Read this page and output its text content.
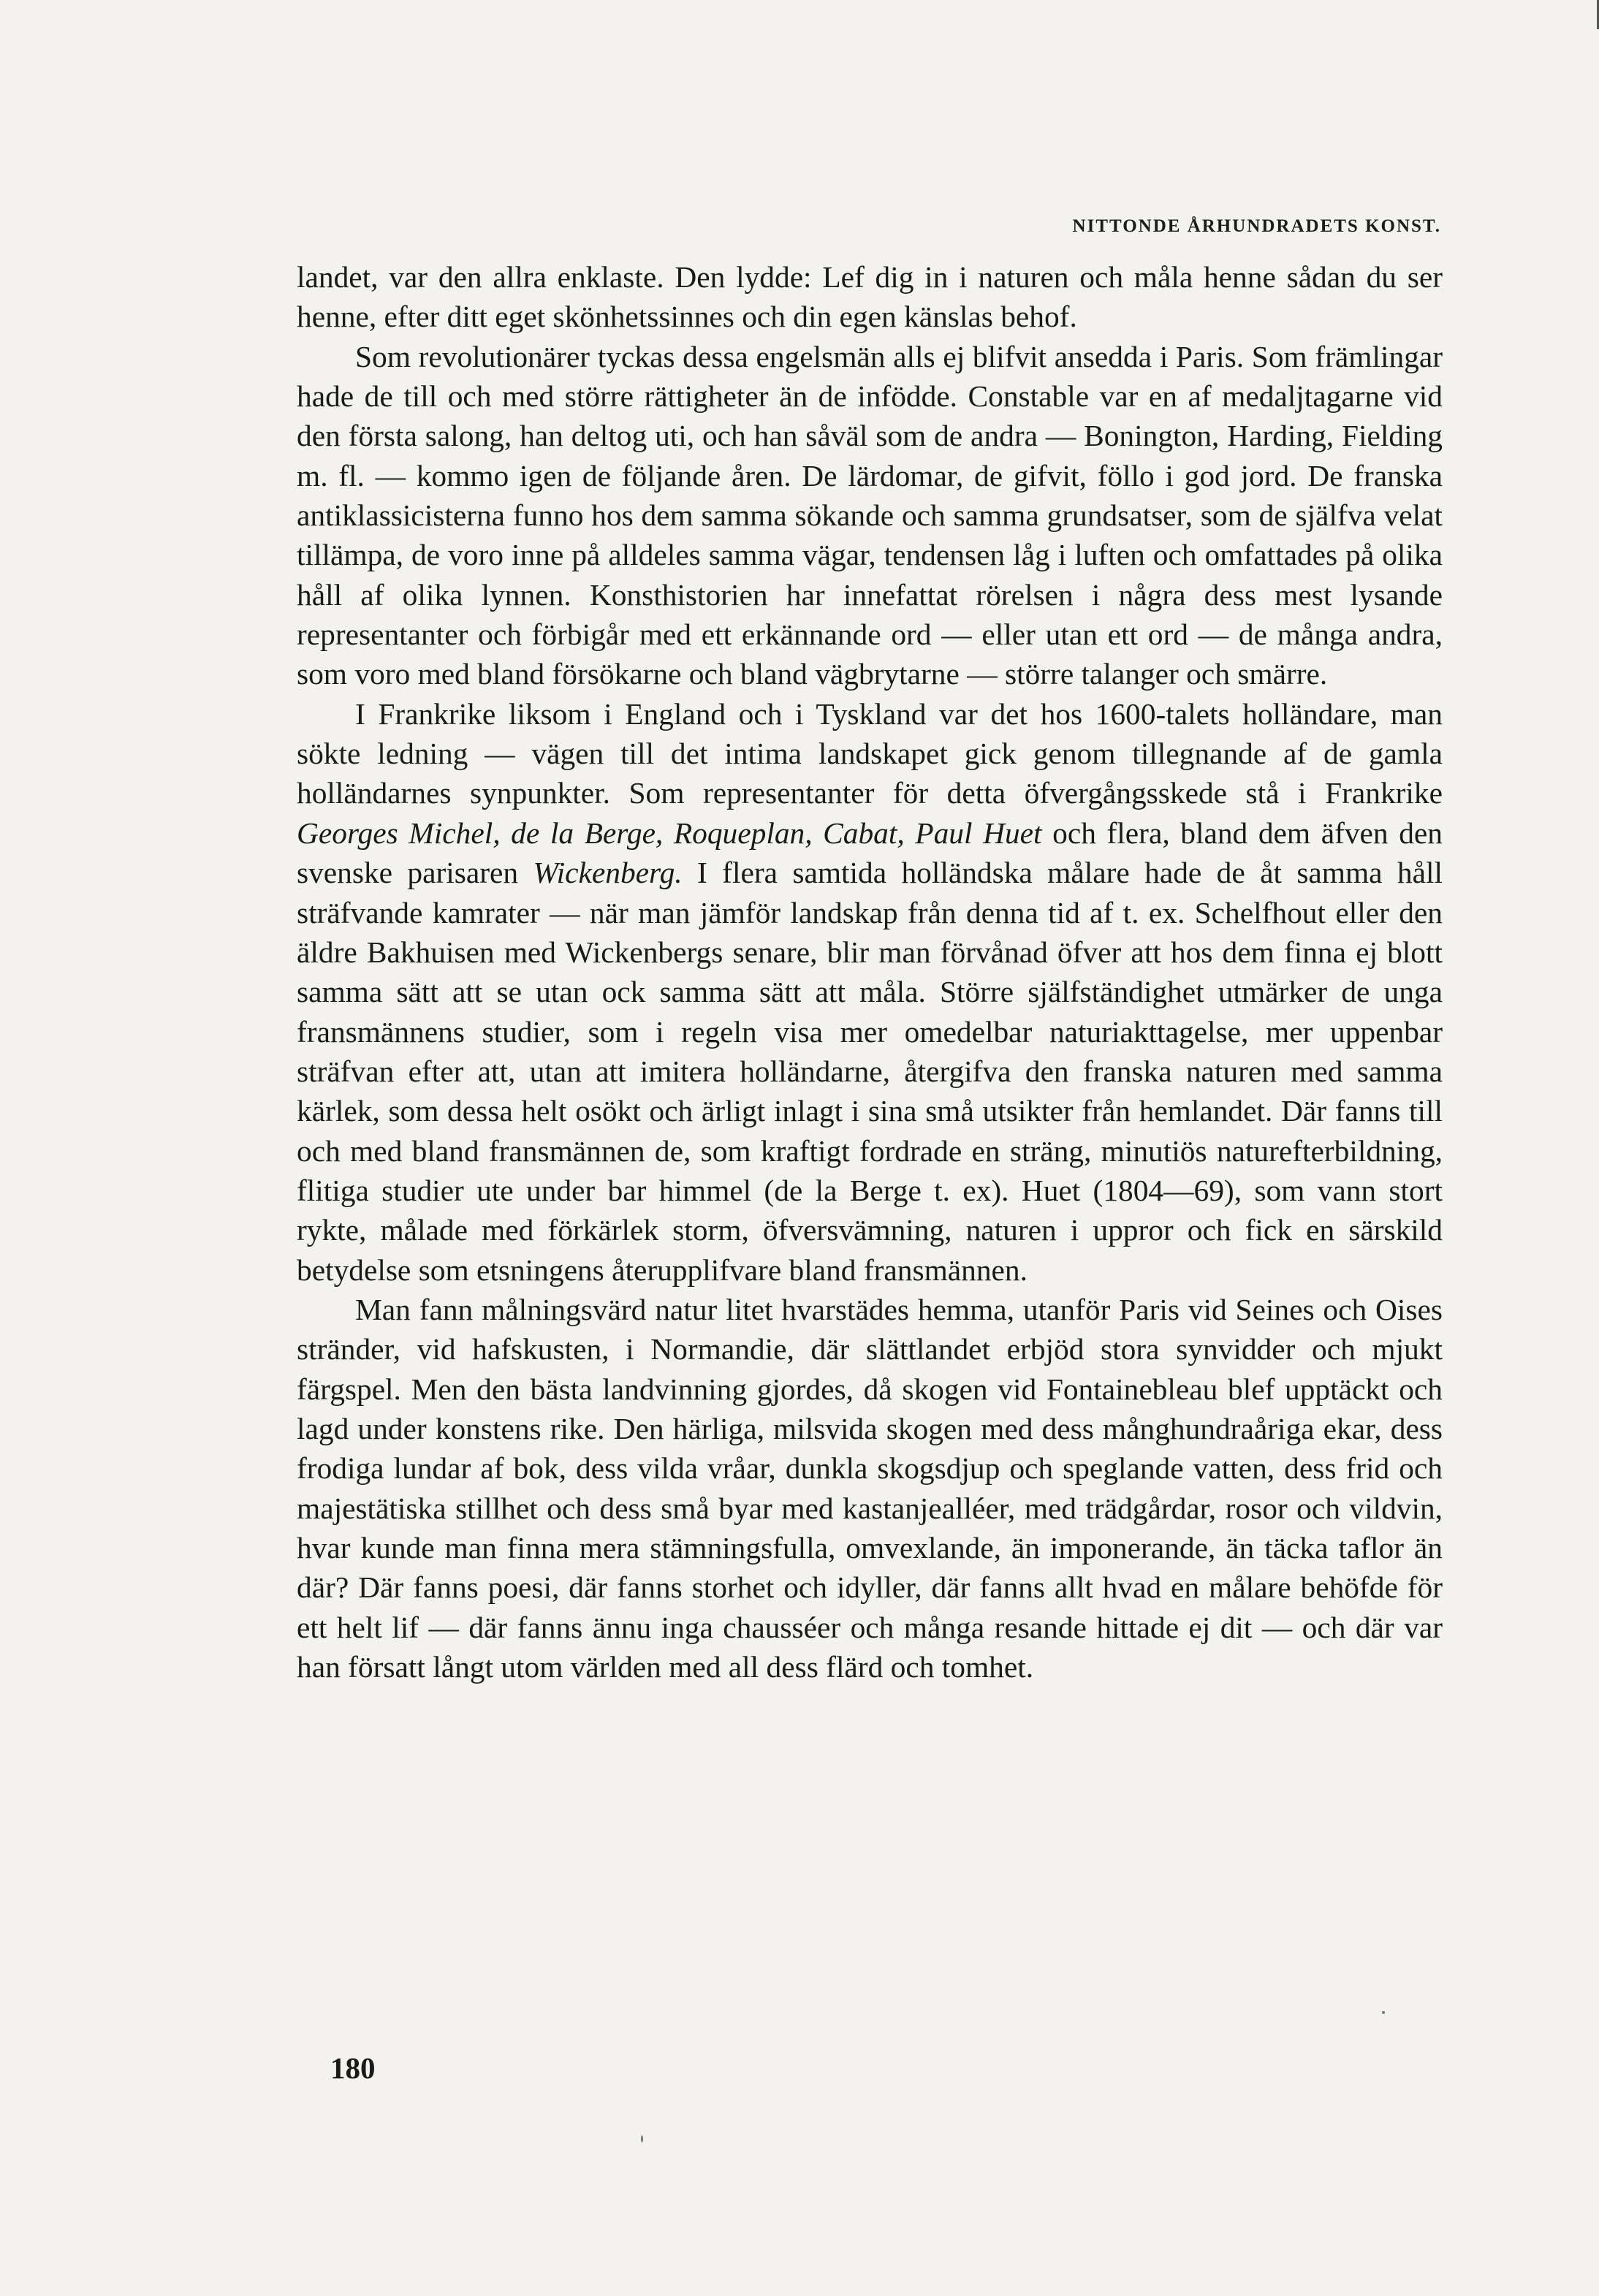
NITTONDE ÅRHUNDRADETS KONST.

landet, var den allra enklaste. Den lydde: Lef dig in i naturen och måla henne sådan du ser henne, efter ditt eget skönhetssinnes och din egen känslas behof.

Som revolutionärer tyckas dessa engelsmän alls ej blifvit ansedda i Paris. Som främlingar hade de till och med större rättigheter än de infödde. Constable var en af medaljtagarne vid den första salong, han deltog uti, och han såväl som de andra — Bonington, Harding, Fielding m. fl. — kommo igen de följande åren. De lärdomar, de gifvit, föllo i god jord. De franska antiklassicisterna funno hos dem samma sökande och samma grundsatser, som de själfva velat tillämpa, de voro inne på alldeles samma vägar, tendensen låg i luften och omfattades på olika håll af olika lynnen. Konsthistorien har innefattat rörelsen i några dess mest lysande representanter och förbigår med ett erkännande ord — eller utan ett ord — de många andra, som voro med bland försökarne och bland vägbrytarne — större talanger och smärre.

I Frankrike liksom i England och i Tyskland var det hos 1600-talets holländare, man sökte ledning — vägen till det intima landskapet gick genom tillegnande af de gamla holländarnes synpunkter. Som representanter för detta öfvergångsskede stå i Frankrike Georges Michel, de la Berge, Roqueplan, Cabat, Paul Huet och flera, bland dem äfven den svenske parisaren Wickenberg. I flera samtida holländska målare hade de åt samma håll sträfvande kamrater — när man jämför landskap från denna tid af t. ex. Schelfhout eller den äldre Bakhuisen med Wickenbergs senare, blir man förvånad öfver att hos dem finna ej blott samma sätt att se utan ock samma sätt att måla. Större själfständighet utmärker de unga fransmännens studier, som i regeln visa mer omedelbar naturiakttagelse, mer uppenbar sträfvan efter att, utan att imitera holländarne, återgifva den franska naturen med samma kärlek, som dessa helt osökt och ärligt inlagt i sina små utsikter från hemlandet. Där fanns till och med bland fransmännen de, som kraftigt fordrade en sträng, minutiös naturefterbildning, flitiga studier ute under bar himmel (de la Berge t. ex). Huet (1804—69), som vann stort rykte, målade med förkärlek storm, öfversvämning, naturen i uppror och fick en särskild betydelse som etsningens återupplifvare bland fransmännen.

Man fann målningsvärd natur litet hvarstädes hemma, utanför Paris vid Seines och Oises stränder, vid hafskusten, i Normandie, där slättlandet erbjöd stora synvidder och mjukt färgspel. Men den bästa landvinning gjordes, då skogen vid Fontainebleau blef upptäckt och lagd under konstens rike. Den härliga, milsvida skogen med dess månghundraåriga ekar, dess frodiga lundar af bok, dess vilda vråar, dunkla skogsdjup och speglande vatten, dess frid och majestätiska stillhet och dess små byar med kastanjealléer, med trädgårdar, rosor och vildvin, hvar kunde man finna mera stämningsfulla, omvexlande, än imponerande, än täcka taflor än där? Där fanns poesi, där fanns storhet och idyller, där fanns allt hvad en målare behöfde för ett helt lif — där fanns ännu inga chausséer och många resande hittade ej dit — och där var han försatt långt utom världen med all dess flärd och tomhet.

180
